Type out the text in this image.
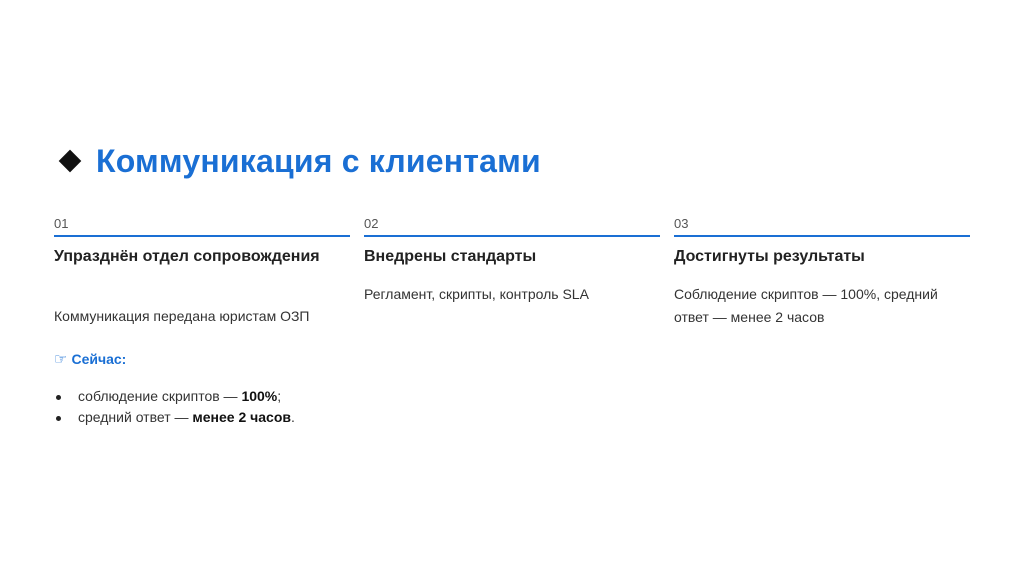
Коммуникация с клиентами
01
Упразднён отдел сопровождения
Коммуникация передана юристам ОЗП
☞ Сейчас:
соблюдение скриптов — 100%;
средний ответ — менее 2 часов.
02
Внедрены стандарты
Регламент, скрипты, контроль SLA
03
Достигнуты результаты
Соблюдение скриптов — 100%, средний ответ — менее 2 часов
